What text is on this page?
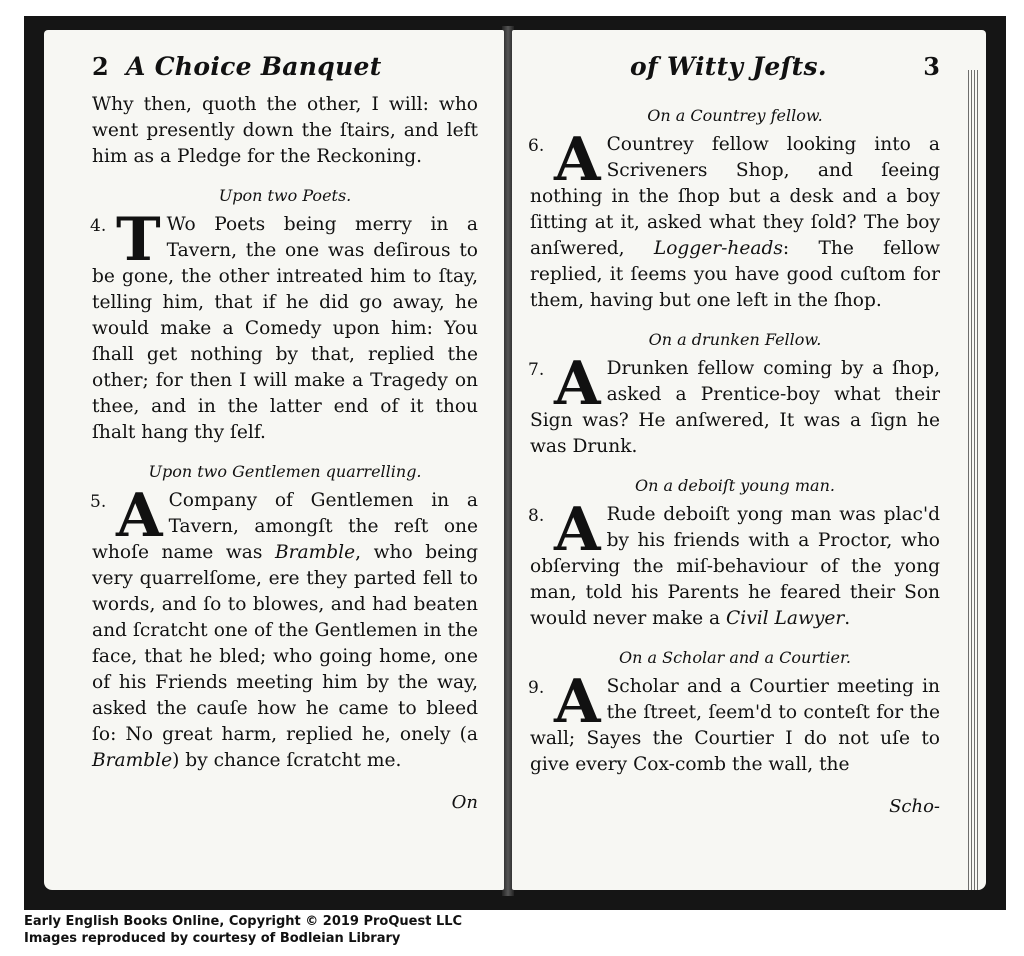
2 A Choice Banquet

Why then, quoth the other, I will: who went presently down the ſtairs, and left him as a Pledge for the Reckoning.

Upon two Poets.
4. T Wo Poets being merry in a Tavern, the one was deſirous to be gone, the other intreated him to ſtay, telling him, that if he did go away, he would make a Comedy upon him: You ſhall get nothing by that, replied the other; for then I will make a Tragedy on thee, and in the latter end of it thou ſhalt hang thy ſelf.

Upon two Gentlemen quarrelling.
5. A Company of Gentlemen in a Tavern, amongſt the reſt one whoſe name was Bramble, who being very quarrelſome, ere they parted fell to words, and ſo to blowes, and had beaten and ſcratcht one of the Gentlemen in the face, that he bled; who going home, one of his Friends meeting him by the way, asked the cauſe how he came to bleed ſo: No great harm, replied he, onely (a Bramble) by chance ſcratcht me.

On
of Witty Jeſts.	3
On a Countrey fellow.
6. A Countrey fellow looking into a Scriveners Shop, and ſeeing nothing in the ſhop but a desk and a boy ſitting at it, asked what they ſold? The boy anſwered, Logger-heads: The fellow replied, it ſeems you have good cuſtom for them, having but one left in the ſhop.

On a drunken Fellow.
7. A Drunken fellow coming by a ſhop, asked a Prentice-boy what their Sign was? He anſwered, It was a ſign he was Drunk.

On a deboiſt young man.
8. A Rude deboiſt yong man was plac'd by his friends with a Proctor, who obſerving the miſ-behaviour of the yong man, told his Parents he feared their Son would never make a Civil Lawyer.

On a Scholar and a Courtier.
9. A Scholar and a Courtier meeting in the ſtreet, ſeem'd to conteſt for the wall; Sayes the Courtier I do not uſe to give every Cox-comb the wall, the

Scho-
Early English Books Online, Copyright © 2019 ProQuest LLC
Images reproduced by courtesy of Bodleian Library
